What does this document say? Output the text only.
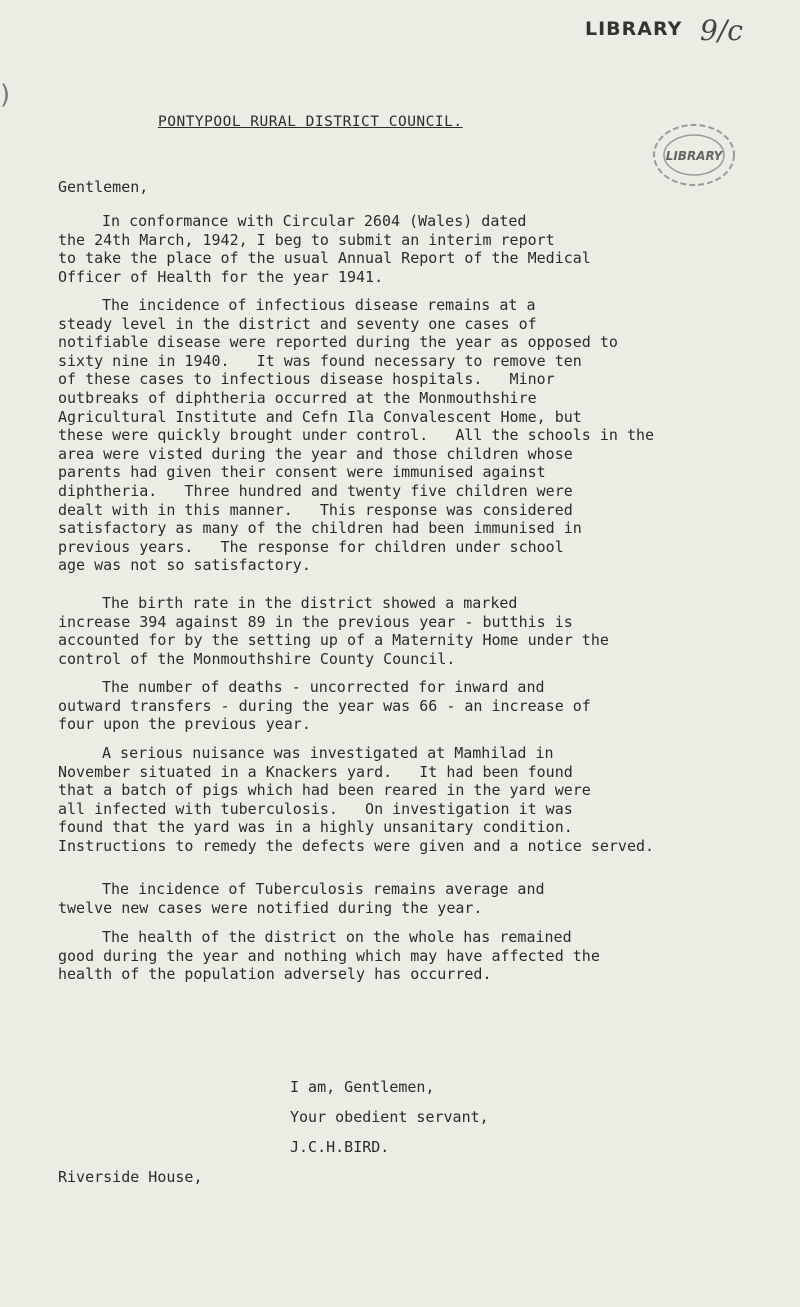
)
LIBRARY 9/c
PONTYPOOL RURAL DISTRICT COUNCIL.
LIBRARY
Gentlemen,
In conformance with Circular 2604 (Wales) dated
the 24th March, 1942, I beg to submit an interim report
to take the place of the usual Annual Report of the Medical
Officer of Health for the year 1941.
The incidence of infectious disease remains at a
steady level in the district and seventy one cases of
notifiable disease were reported during the year as opposed to
sixty nine in 1940.   It was found necessary to remove ten
of these cases to infectious disease hospitals.   Minor
outbreaks of diphtheria occurred at the Monmouthshire
Agricultural Institute and Cefn Ila Convalescent Home, but
these were quickly brought under control.   All the schools in the
area were visted during the year and those children whose
parents had given their consent were immunised against
diphtheria.   Three hundred and twenty five children were
dealt with in this manner.   This response was considered
satisfactory as many of the children had been immunised in
previous years.   The response for children under school
age was not so satisfactory.
The birth rate in the district showed a marked
increase 394 against 89 in the previous year - butthis is
accounted for by the setting up of a Maternity Home under the
control of the Monmouthshire County Council.
The number of deaths - uncorrected for inward and
outward transfers - during the year was 66 - an increase of
four upon the previous year.
A serious nuisance was investigated at Mamhilad in
November situated in a Knackers yard.   It had been found
that a batch of pigs which had been reared in the yard were
all infected with tuberculosis.   On investigation it was
found that the yard was in a highly unsanitary condition.
Instructions to remedy the defects were given and a notice served.
The incidence of Tuberculosis remains average and
twelve new cases were notified during the year.
The health of the district on the whole has remained
good during the year and nothing which may have affected the
health of the population adversely has occurred.
I am, Gentlemen,
Your obedient servant,
J.C.H.BIRD.
Riverside House,
